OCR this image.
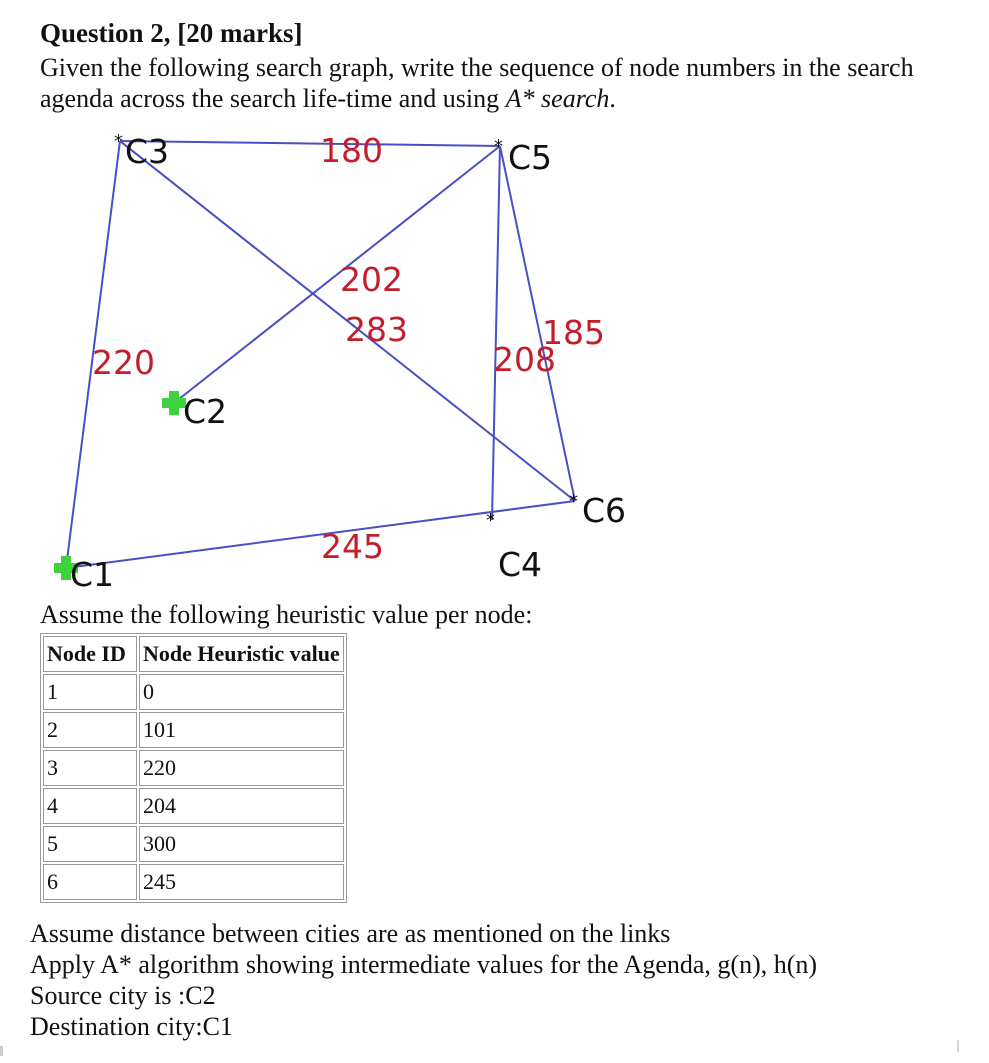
Question 2, [20 marks]
Given the following search graph, write the sequence of node numbers in the search agenda across the search life-time and using A* search.
C1
C2
* C3
*
C4
* C5
* C6
180
202
283
220	208
185
245
Assume the following heuristic value per node:
Node ID	Node Heuristic value
1	0
2	101
3	220
4	204
5	300
6	245
Assume distance between cities are as mentioned on the links
Apply A* algorithm showing intermediate values for the Agenda, g(n), h(n)
Source city is :C2
Destination city:C1
